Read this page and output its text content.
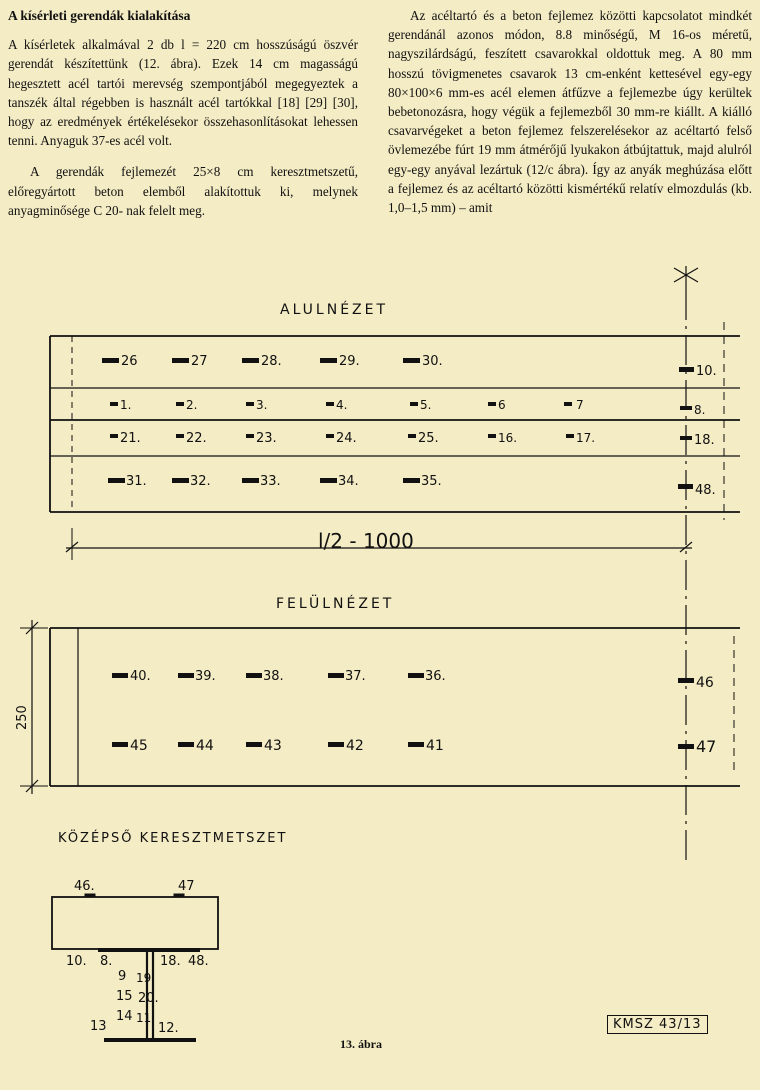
A kísérleti gerendák kialakítása

A kísérletek alkalmával 2 db l = 220 cm hosszúságú öszvér gerendát készítettünk (12. ábra). Ezek 14 cm magasságú hegesztett acél tartói merevség szempontjából megegyeztek a tanszék által régebben is használt acél tartókkal [18] [29] [30], hogy az eredmények értékelésekor összehasonlításokat lehessen tenni. Anyaguk 37-es acél volt.

A gerendák fejlemezét 25×8 cm keresztmetszetű, előregyártott beton elemből alakítottuk ki, melynek anyagminősége C 20- nak felelt meg.

Az acéltartó és a beton fejlemez közötti kapcsolatot mindkét gerendánál azonos módon, 8.8 minőségű, M 16-os méretű, nagyszilárdságú, feszített csavarokkal oldottuk meg. A 80 mm hosszú tövigmenetes csavarok 13 cm-enként kettesével egy-egy 80×100×6 mm-es acél elemen átfűzve a fejlemezbe úgy kerültek bebetonozásra, hogy végük a fejlemezből 30 mm-re kiállt. A kiálló csavarvégeket a beton fejlemez felszerelésekor az acéltartó felső övlemezébe fúrt 19 mm átmérőjű lyukakon átbújtattuk, majd alulról egy-egy anyával lezártuk (12/c ábra). Így az anyák meghúzása előtt a fejlemez és az acéltartó közötti kismértékű relatív elmozdulás (kb. 1,0–1,5 mm) – amit

ALULNÉZET
26	27	28.	29.	30.
1.	2.	3.	4.	5.	6	7
21.	22.	23.	24.	25.	16.	17.
31.	32.	33.	34.	35.
10.
8.
18.
48.
l/2 - 1000
FELÜLNÉZET
250
40.	39.	38.	37.	36.
45	44	43	42	41
46
47
KÖZÉPSŐ KERESZTMETSZET
46.	47
10. 8.	18. 48.
9 19.
15 20.
14 11.
13	12.
13. ábra
KMSZ 43/13
